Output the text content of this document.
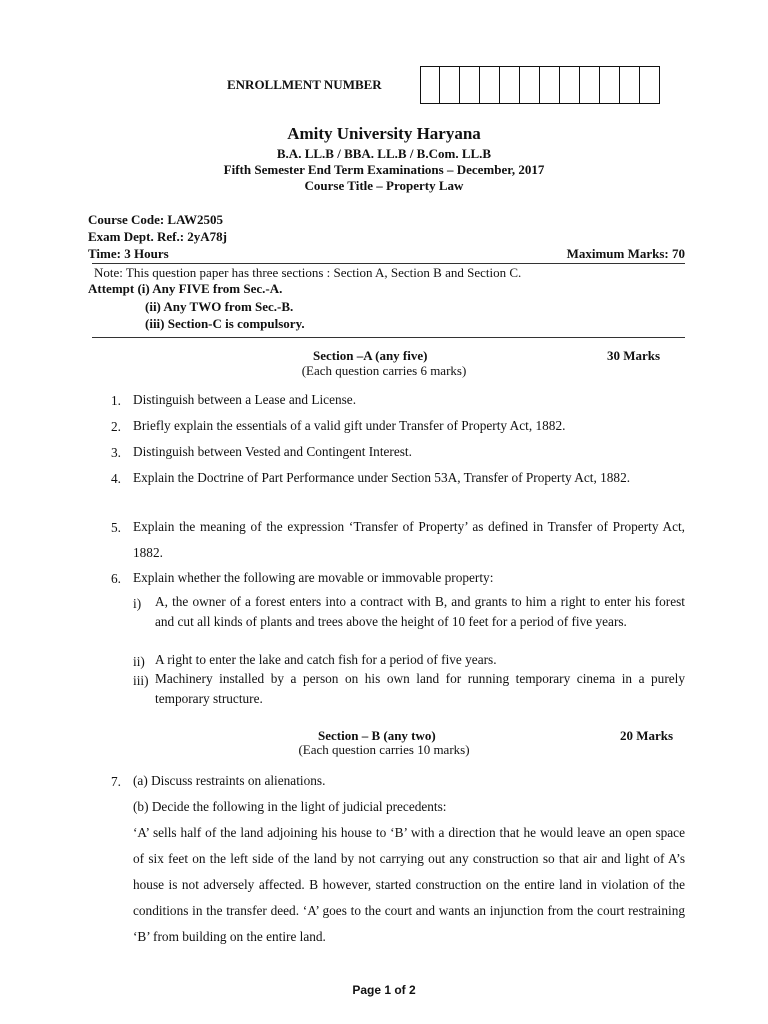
ENROLLMENT NUMBER
Amity University Haryana
B.A. LL.B / BBA. LL.B / B.Com. LL.B
Fifth Semester End Term Examinations – December, 2017
Course Title – Property Law
Course Code: LAW2505
Exam Dept. Ref.: 2yA78j
Time: 3 Hours	Maximum Marks: 70
Note: This question paper has three sections : Section A, Section B and Section C.
Attempt (i) Any FIVE from Sec.-A.
(ii) Any TWO from Sec.-B.
(iii) Section-C is compulsory.
Section –A (any five)	30 Marks
(Each question carries 6 marks)
1. Distinguish between a Lease and License.
2. Briefly explain the essentials of a valid gift under Transfer of Property Act, 1882.
3. Distinguish between Vested and Contingent Interest.
4. Explain the Doctrine of Part Performance under Section 53A, Transfer of Property Act, 1882.
5. Explain the meaning of the expression ‘Transfer of Property’ as defined in Transfer of Property Act, 1882.
6. Explain whether the following are movable or immovable property:
i) A, the owner of a forest enters into a contract with B, and grants to him a right to enter his forest and cut all kinds of plants and trees above the height of 10 feet for a period of five years.
ii) A right to enter the lake and catch fish for a period of five years.
iii) Machinery installed by a person on his own land for running temporary cinema in a purely temporary structure.
Section – B (any two)	20 Marks
(Each question carries 10 marks)
7. (a) Discuss restraints on alienations.
(b) Decide the following in the light of judicial precedents:
‘A’ sells half of the land adjoining his house to ‘B’ with a direction that he would leave an open space of six feet on the left side of the land by not carrying out any construction so that air and light of A’s house is not adversely affected. B however, started construction on the entire land in violation of the conditions in the transfer deed. ‘A’ goes to the court and wants an injunction from the court restraining ‘B’ from building on the entire land.
Page 1 of 2
